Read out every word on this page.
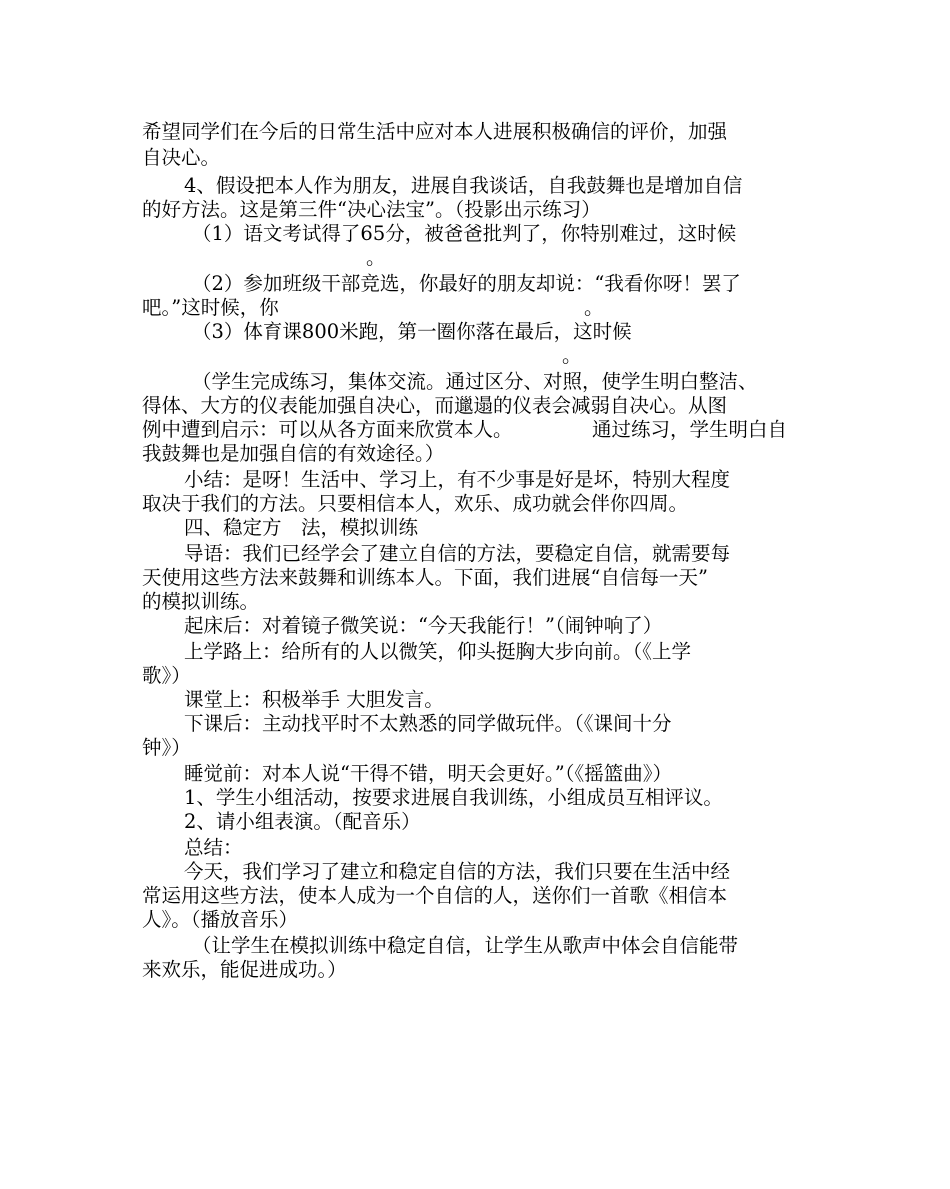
希望同学们在今后的日常生活中应对本人进展积极确信的评价，加强
自决心。
4、假设把本人作为朋友，进展自我谈话，自我鼓舞也是增加自信
的好方法。这是第三件“决心法宝”。（投影出示练习）
（1）语文考试得了65分，被爸爸批判了，你特别难过，这时候
。
（2）参加班级干部竞选，你最好的朋友却说：“我看你呀！罢了
吧。”这时候，你	。
（3）体育课800米跑，第一圈你落在最后，这时候
。
（学生完成练习，集体交流。通过区分、对照，使学生明白整洁、
得体、大方的仪表能加强自决心，而邋遢的仪表会减弱自决心。从图
例中遭到启示：可以从各方面来欣赏本人。	通过练习，学生明白自
我鼓舞也是加强自信的有效途径。）
小结：是呀！生活中、学习上，有不少事是好是坏，特别大程度
取决于我们的方法。只要相信本人，欢乐、成功就会伴你四周。
四、稳定方　法，模拟训练
导语：我们已经学会了建立自信的方法，要稳定自信，就需要每
天使用这些方法来鼓舞和训练本人。下面，我们进展“自信每一天”
的模拟训练。
起床后：对着镜子微笑说：“今天我能行！”（闹钟响了）
上学路上：给所有的人以微笑，仰头挺胸大步向前。（《上学
歌》）
课堂上：积极举手 大胆发言。
下课后：主动找平时不太熟悉的同学做玩伴。（《课间十分
钟》）
睡觉前：对本人说“干得不错，明天会更好。”（《摇篮曲》）
1、学生小组活动，按要求进展自我训练，小组成员互相评议。
2、请小组表演。（配音乐）
总结：
今天，我们学习了建立和稳定自信的方法，我们只要在生活中经
常运用这些方法，使本人成为一个自信的人，送你们一首歌《相信本
人》。（播放音乐）
（让学生在模拟训练中稳定自信，让学生从歌声中体会自信能带
来欢乐，能促进成功。）
